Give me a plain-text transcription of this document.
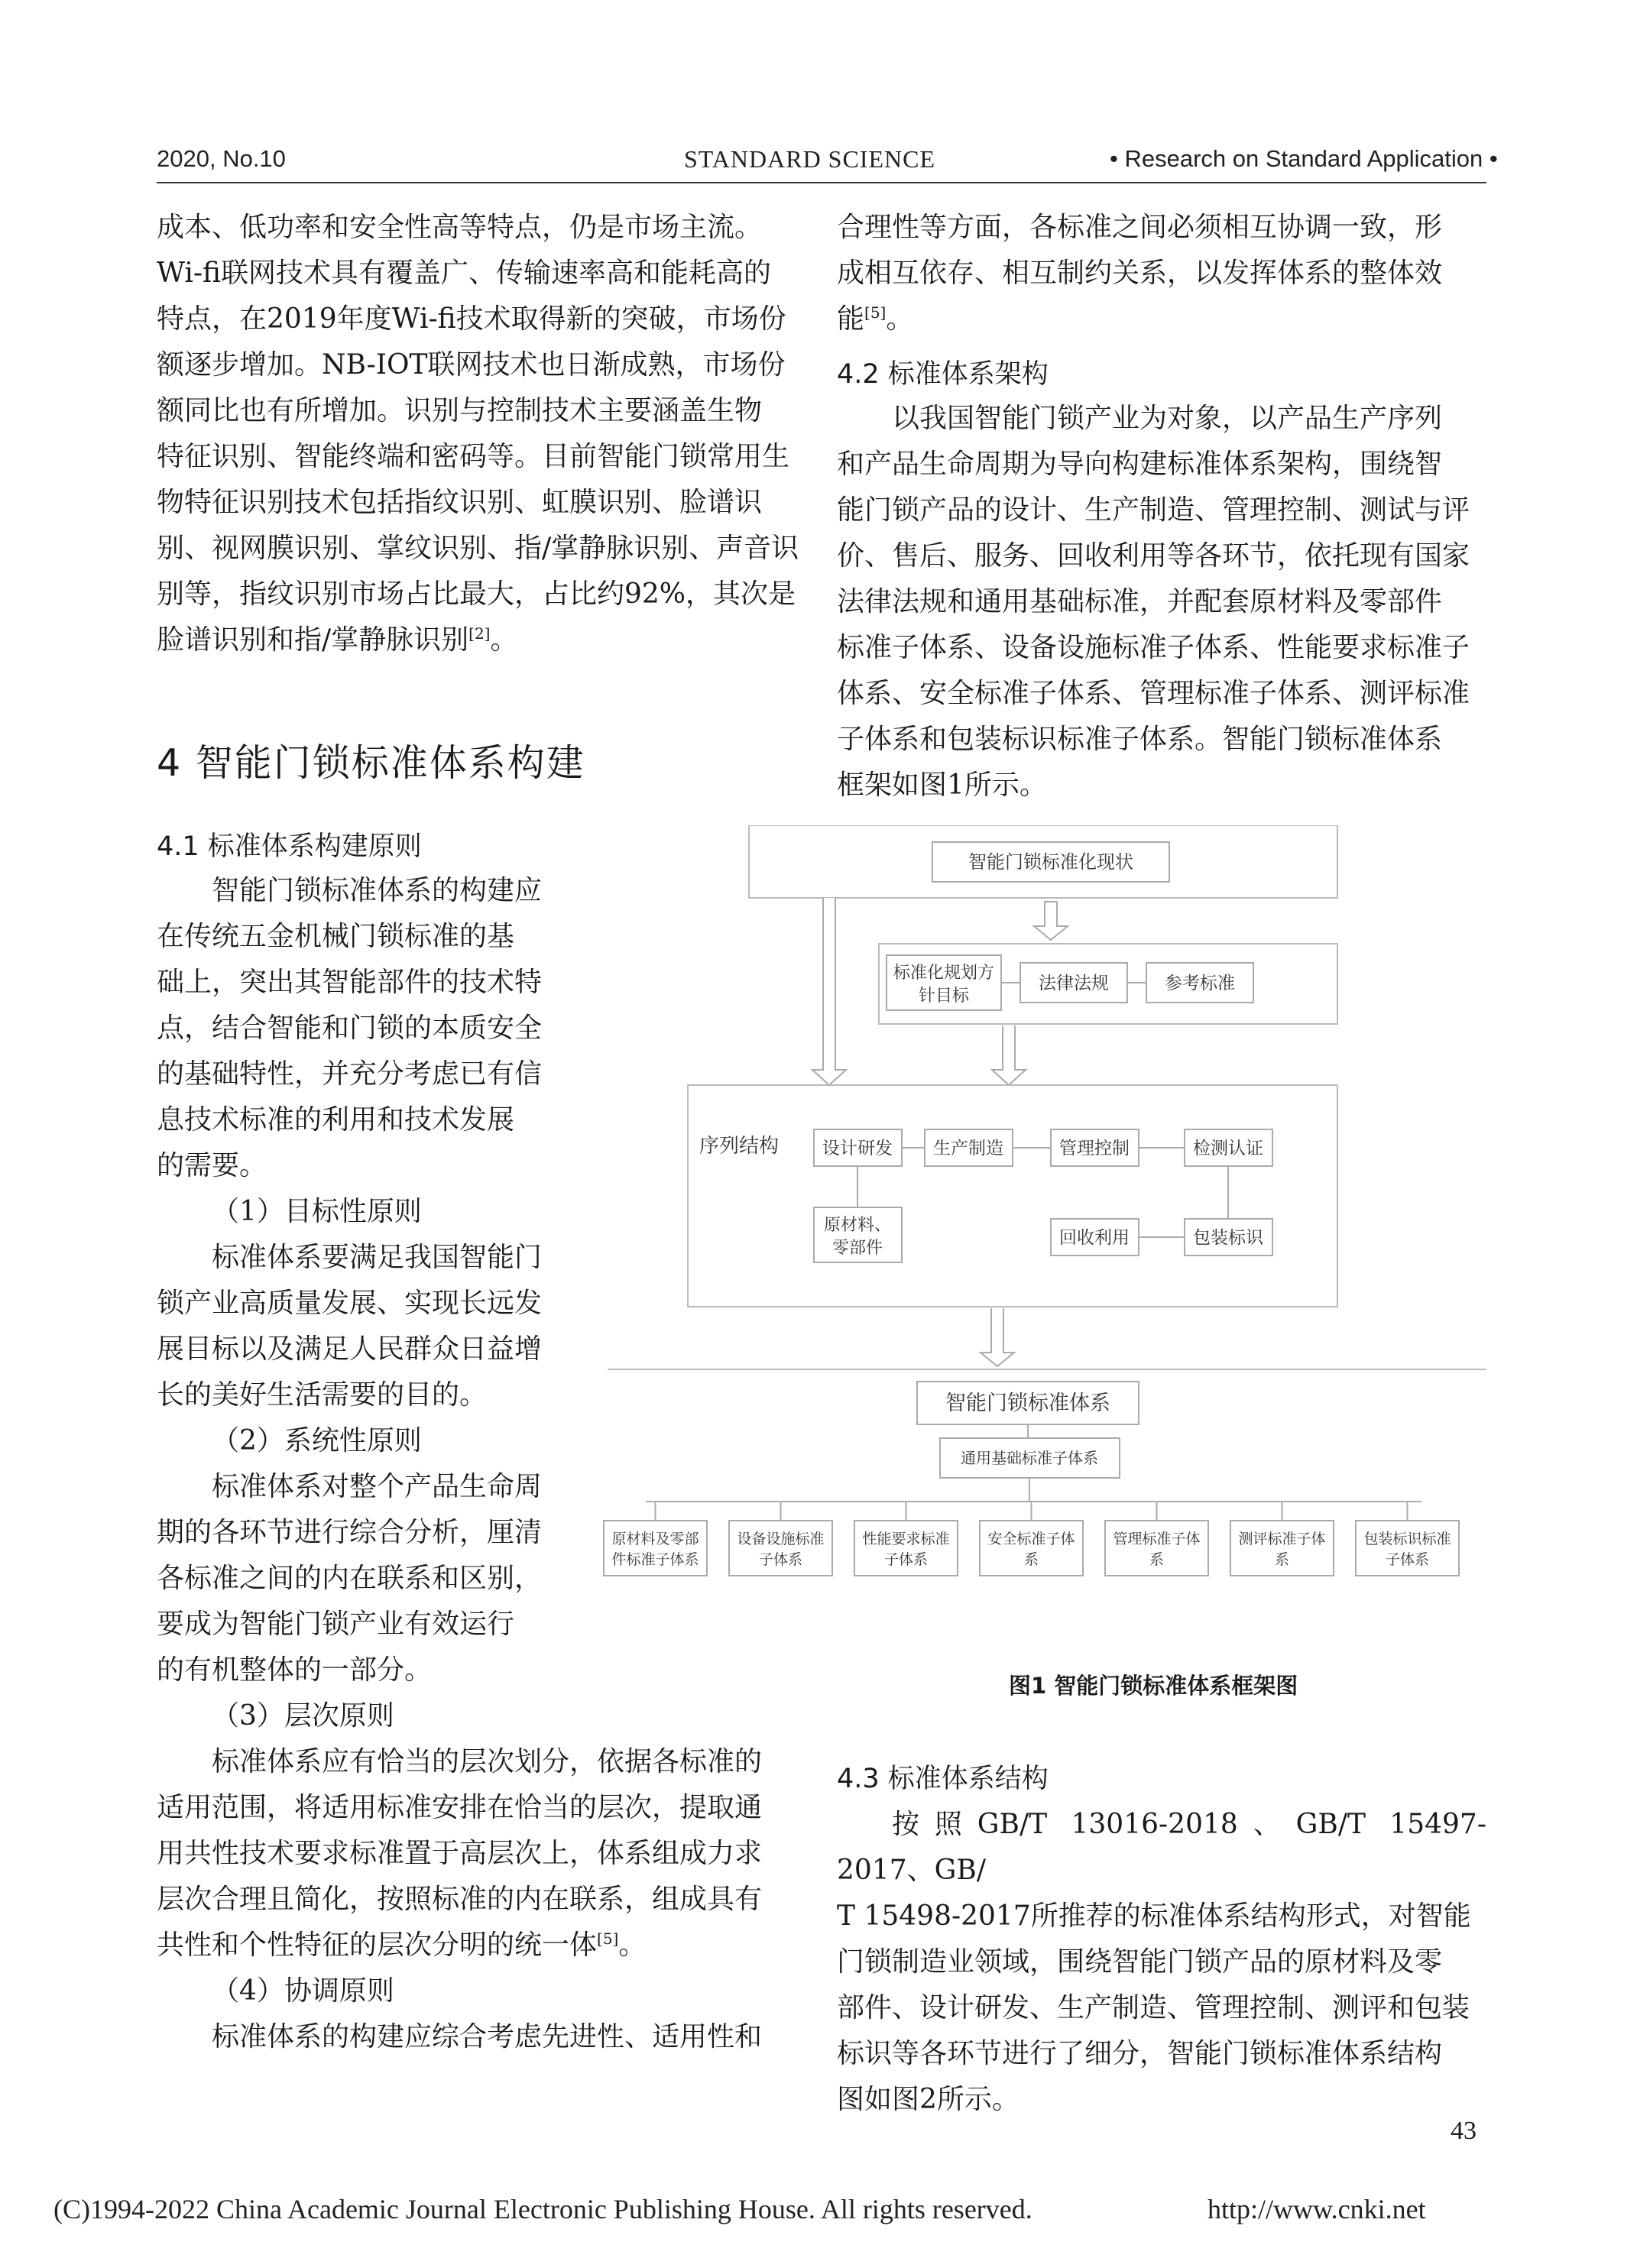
2020, No.10	STANDARD SCIENCE	• Research on Standard Application •

成本、低功率和安全性高等特点，仍是市场主流。

Wi-fi联网技术具有覆盖广、传输速率高和能耗高的

特点，在2019年度Wi-fi技术取得新的突破，市场份

额逐步增加。NB-IOT联网技术也日渐成熟，市场份

额同比也有所增加。识别与控制技术主要涵盖生物

特征识别、智能终端和密码等。目前智能门锁常用生

物特征识别技术包括指纹识别、虹膜识别、脸谱识

别、视网膜识别、掌纹识别、指/掌静脉识别、声音识

别等，指纹识别市场占比最大，占比约92%，其次是

脸谱识别和指/掌静脉识别[2]。

4 智能门锁标准体系构建
4.1 标准体系构建原则

智能门锁标准体系的构建应

在传统五金机械门锁标准的基

础上，突出其智能部件的技术特

点，结合智能和门锁的本质安全

的基础特性，并充分考虑已有信

息技术标准的利用和技术发展

的需要。

（1）目标性原则

标准体系要满足我国智能门

锁产业高质量发展、实现长远发

展目标以及满足人民群众日益增

长的美好生活需要的目的。

（2）系统性原则

标准体系对整个产品生命周

期的各环节进行综合分析，厘清

各标准之间的内在联系和区别，

要成为智能门锁产业有效运行

的有机整体的一部分。

（3）层次原则

标准体系应有恰当的层次划分，依据各标准的

适用范围，将适用标准安排在恰当的层次，提取通

用共性技术要求标准置于高层次上，体系组成力求

层次合理且简化，按照标准的内在联系，组成具有

共性和个性特征的层次分明的统一体[5]。

（4）协调原则

标准体系的构建应综合考虑先进性、适用性和

合理性等方面，各标准之间必须相互协调一致，形

成相互依存、相互制约关系，以发挥体系的整体效

能[5]。

4.2 标准体系架构

以我国智能门锁产业为对象，以产品生产序列

和产品生命周期为导向构建标准体系架构，围绕智

能门锁产品的设计、生产制造、管理控制、测试与评

价、售后、服务、回收利用等各环节，依托现有国家

法律法规和通用基础标准，并配套原材料及零部件

标准子体系、设备设施标准子体系、性能要求标准子

体系、安全标准子体系、管理标准子体系、测评标准

子体系和包装标识标准子体系。智能门锁标准体系

框架如图1所示。

智能门锁标准化现状
标准化规划方
针目标
法律法规	参考标准
序列结构 设计研发 生产制造	管理控制	检测认证
原材料、
零部件
回收利用	包装标识
智能门锁标准体系
通用基础标准子体系
原材料及零部
件标准子体系
设备设施标准
子体系
性能要求标准
子体系
安全标准子体
系
管理标准子体
系
测评标准子体
系
包装标识标准
子体系
图1 智能门锁标准体系框架图
4.3 标准体系结构

按照GB/T 13016-2018、GB/T 15497-2017、GB/

T 15498-2017所推荐的标准体系结构形式，对智能

门锁制造业领域，围绕智能门锁产品的原材料及零

部件、设计研发、生产制造、管理控制、测评和包装

标识等各环节进行了细分，智能门锁标准体系结构

图如图2所示。

43
(C)1994-2022 China Academic Journal Electronic Publishing House. All rights reserved.	http://www.cnki.net
